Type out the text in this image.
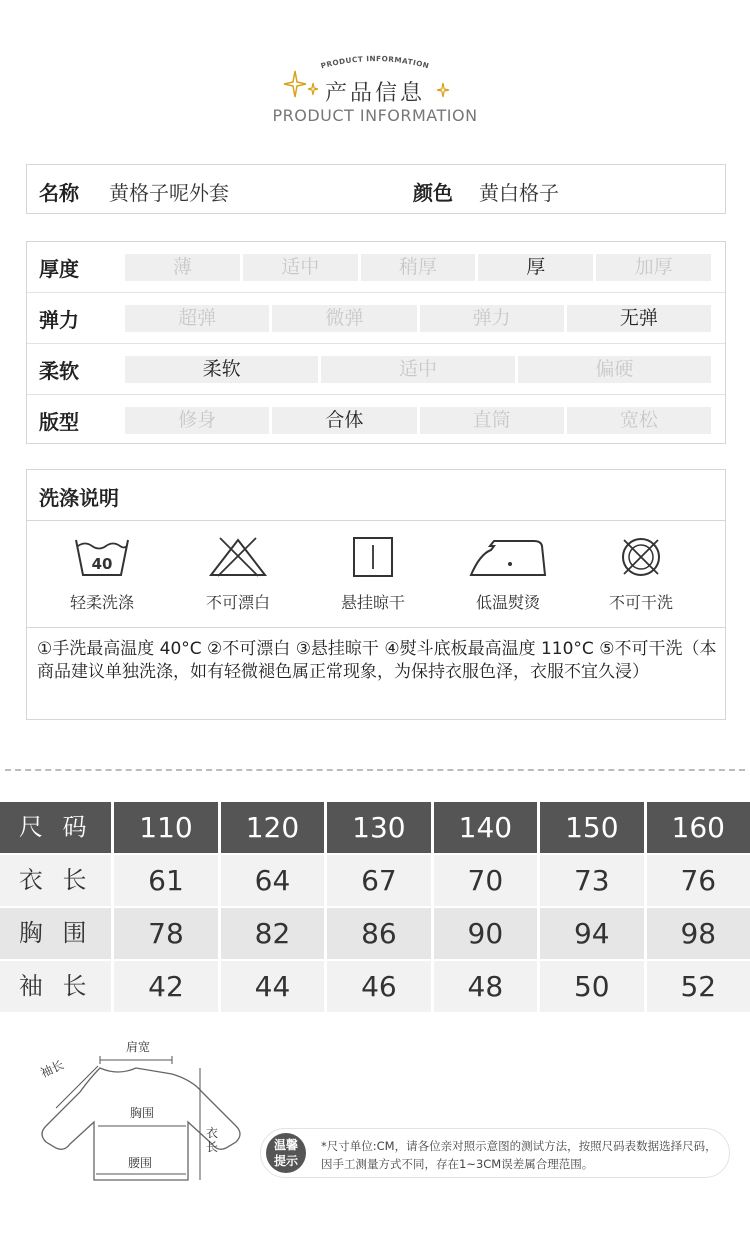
PRODUCT INFORMATION
产品信息
PRODUCT INFORMATION
名称 黄格子呢外套	颜色 黄白格子
厚度	薄	适中	稍厚	厚	加厚
弹力	超弹	微弹	弹力	无弹
柔软	柔软	适中	偏硬
版型	修身	合体	直筒	宽松
洗涤说明
40
轻柔洗涤	不可漂白	悬挂晾干	低温熨烫	不可干洗
①手洗最高温度 40°C ②不可漂白 ③悬挂晾干 ④熨斗底板最高温度 110°C ⑤不可干洗（本商品建议单独洗涤，如有轻微褪色属正常现象，为保持衣服色泽，衣服不宜久浸）
尺 码	110	120	130	140	150	160
衣 长	61	64	67	70	73	76
胸 围	78	82	86	90	94	98
袖 长	42	44	46	48	50	52
肩宽
袖长
胸围
腰围
衣长	温馨
提示
*尺寸单位:CM，请各位亲对照示意图的测试方法，按照尺码表数据选择尺码，因手工测量方式不同，存在1~3CM误差属合理范围。
